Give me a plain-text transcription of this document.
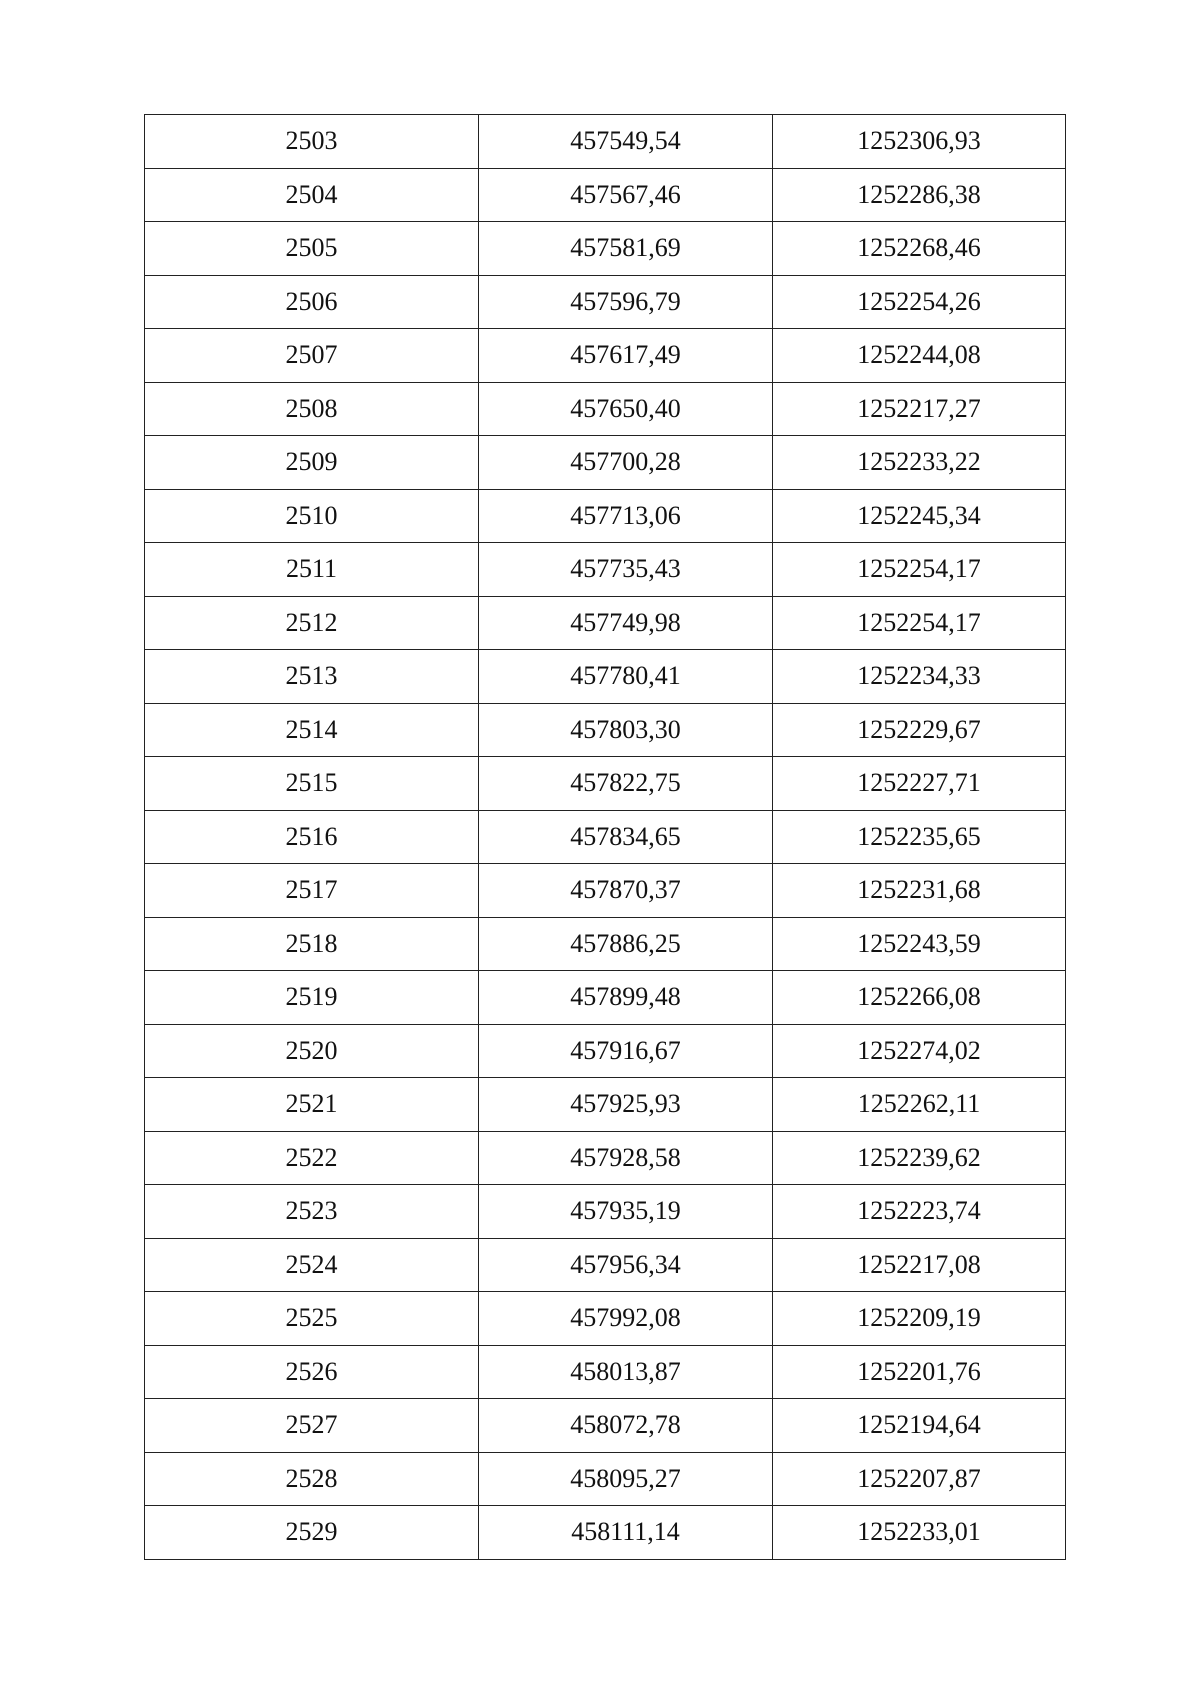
2503	457549,54	1252306,93
2504	457567,46	1252286,38
2505	457581,69	1252268,46
2506	457596,79	1252254,26
2507	457617,49	1252244,08
2508	457650,40	1252217,27
2509	457700,28	1252233,22
2510	457713,06	1252245,34
2511	457735,43	1252254,17
2512	457749,98	1252254,17
2513	457780,41	1252234,33
2514	457803,30	1252229,67
2515	457822,75	1252227,71
2516	457834,65	1252235,65
2517	457870,37	1252231,68
2518	457886,25	1252243,59
2519	457899,48	1252266,08
2520	457916,67	1252274,02
2521	457925,93	1252262,11
2522	457928,58	1252239,62
2523	457935,19	1252223,74
2524	457956,34	1252217,08
2525	457992,08	1252209,19
2526	458013,87	1252201,76
2527	458072,78	1252194,64
2528	458095,27	1252207,87
2529	458111,14	1252233,01
